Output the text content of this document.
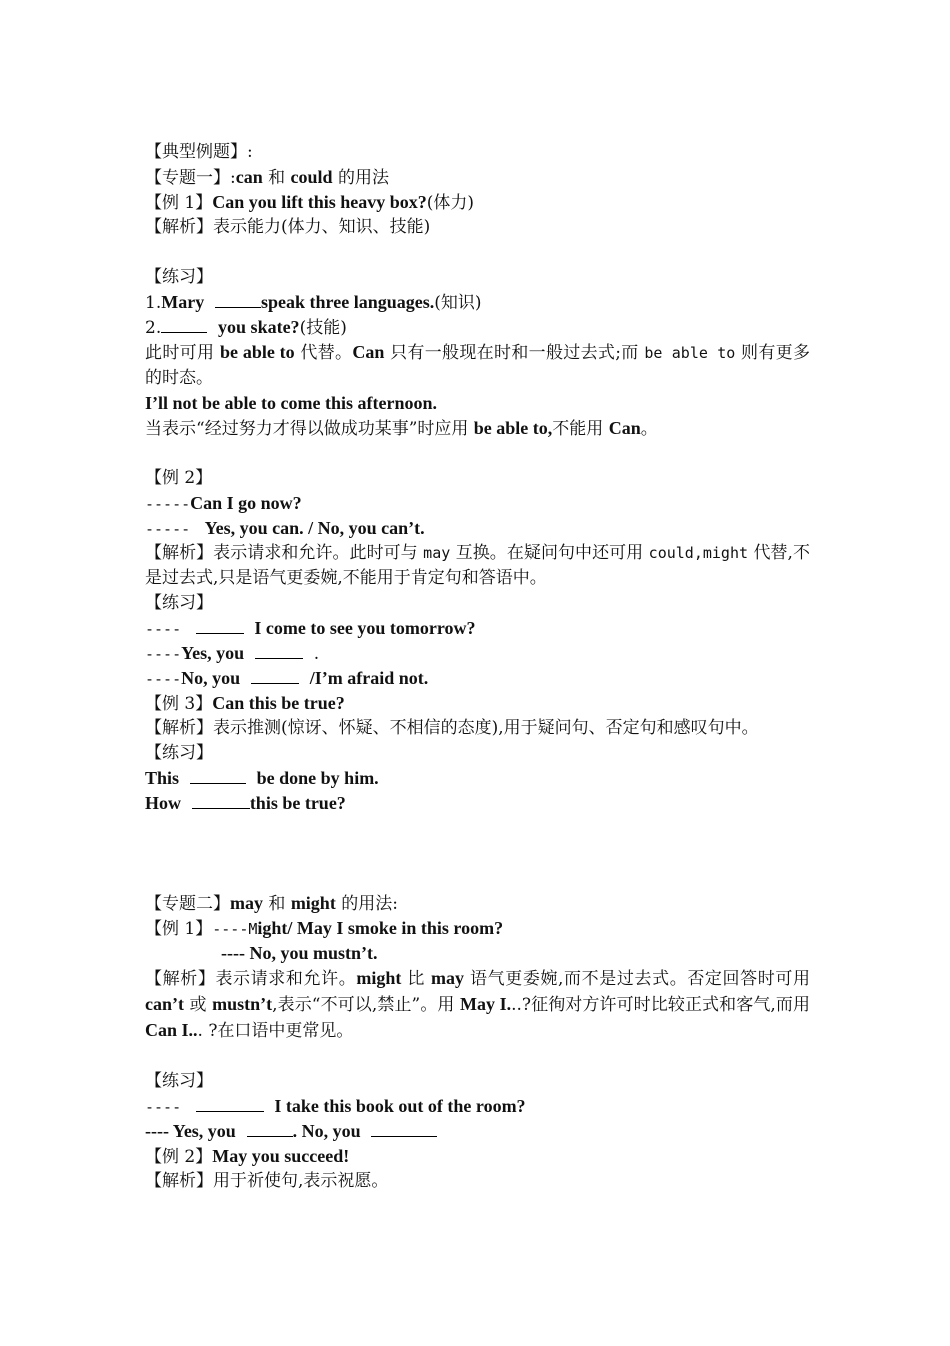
【典型例题】:
【专题一】:can 和 could 的用法
【例 1】Can you lift this heavy box?(体力)
【解析】表示能力(体力、知识、技能)
【练习】
1.Mary	speak three languages.(知识)
2.	you skate?(技能)
此时可用 be able to 代替。Can 只有一般现在时和一般过去式;而 be able to 则有更多的时态。
I’ll not be able to come this afternoon.
当表示“经过努力才得以做成功某事”时应用 be able to,不能用 Can。
【例 2】
-----Can I go now?
-----  Yes, you can. / No, you can’t.
【解析】表示请求和允许。此时可与 may 互换。在疑问句中还可用 could,might 代替,不是过去式,只是语气更委婉,不能用于肯定句和答语中。
【练习】
----	I come to see you tomorrow?
----Yes, you	.
----No, you	/I’m afraid not.
【例 3】Can this be true?
【解析】表示推测(惊讶、怀疑、不相信的态度),用于疑问句、否定句和感叹句中。
【练习】
This	be done by him.
How	this be true?
【专题二】may 和 might 的用法:
【例 1】----Might/ May I smoke in this room?
---- No, you mustn’t.
【解析】表示请求和允许。might 比 may 语气更委婉,而不是过去式。否定回答时可用 can’t 或 mustn’t,表示“不可以,禁止”。用 May I...?征徇对方许可时比较正式和客气,而用 Can I... ?在口语中更常见。
【练习】
----	I take this book out of the room?
---- Yes, you	. No, you
【例 2】May you succeed!
【解析】用于祈使句,表示祝愿。
